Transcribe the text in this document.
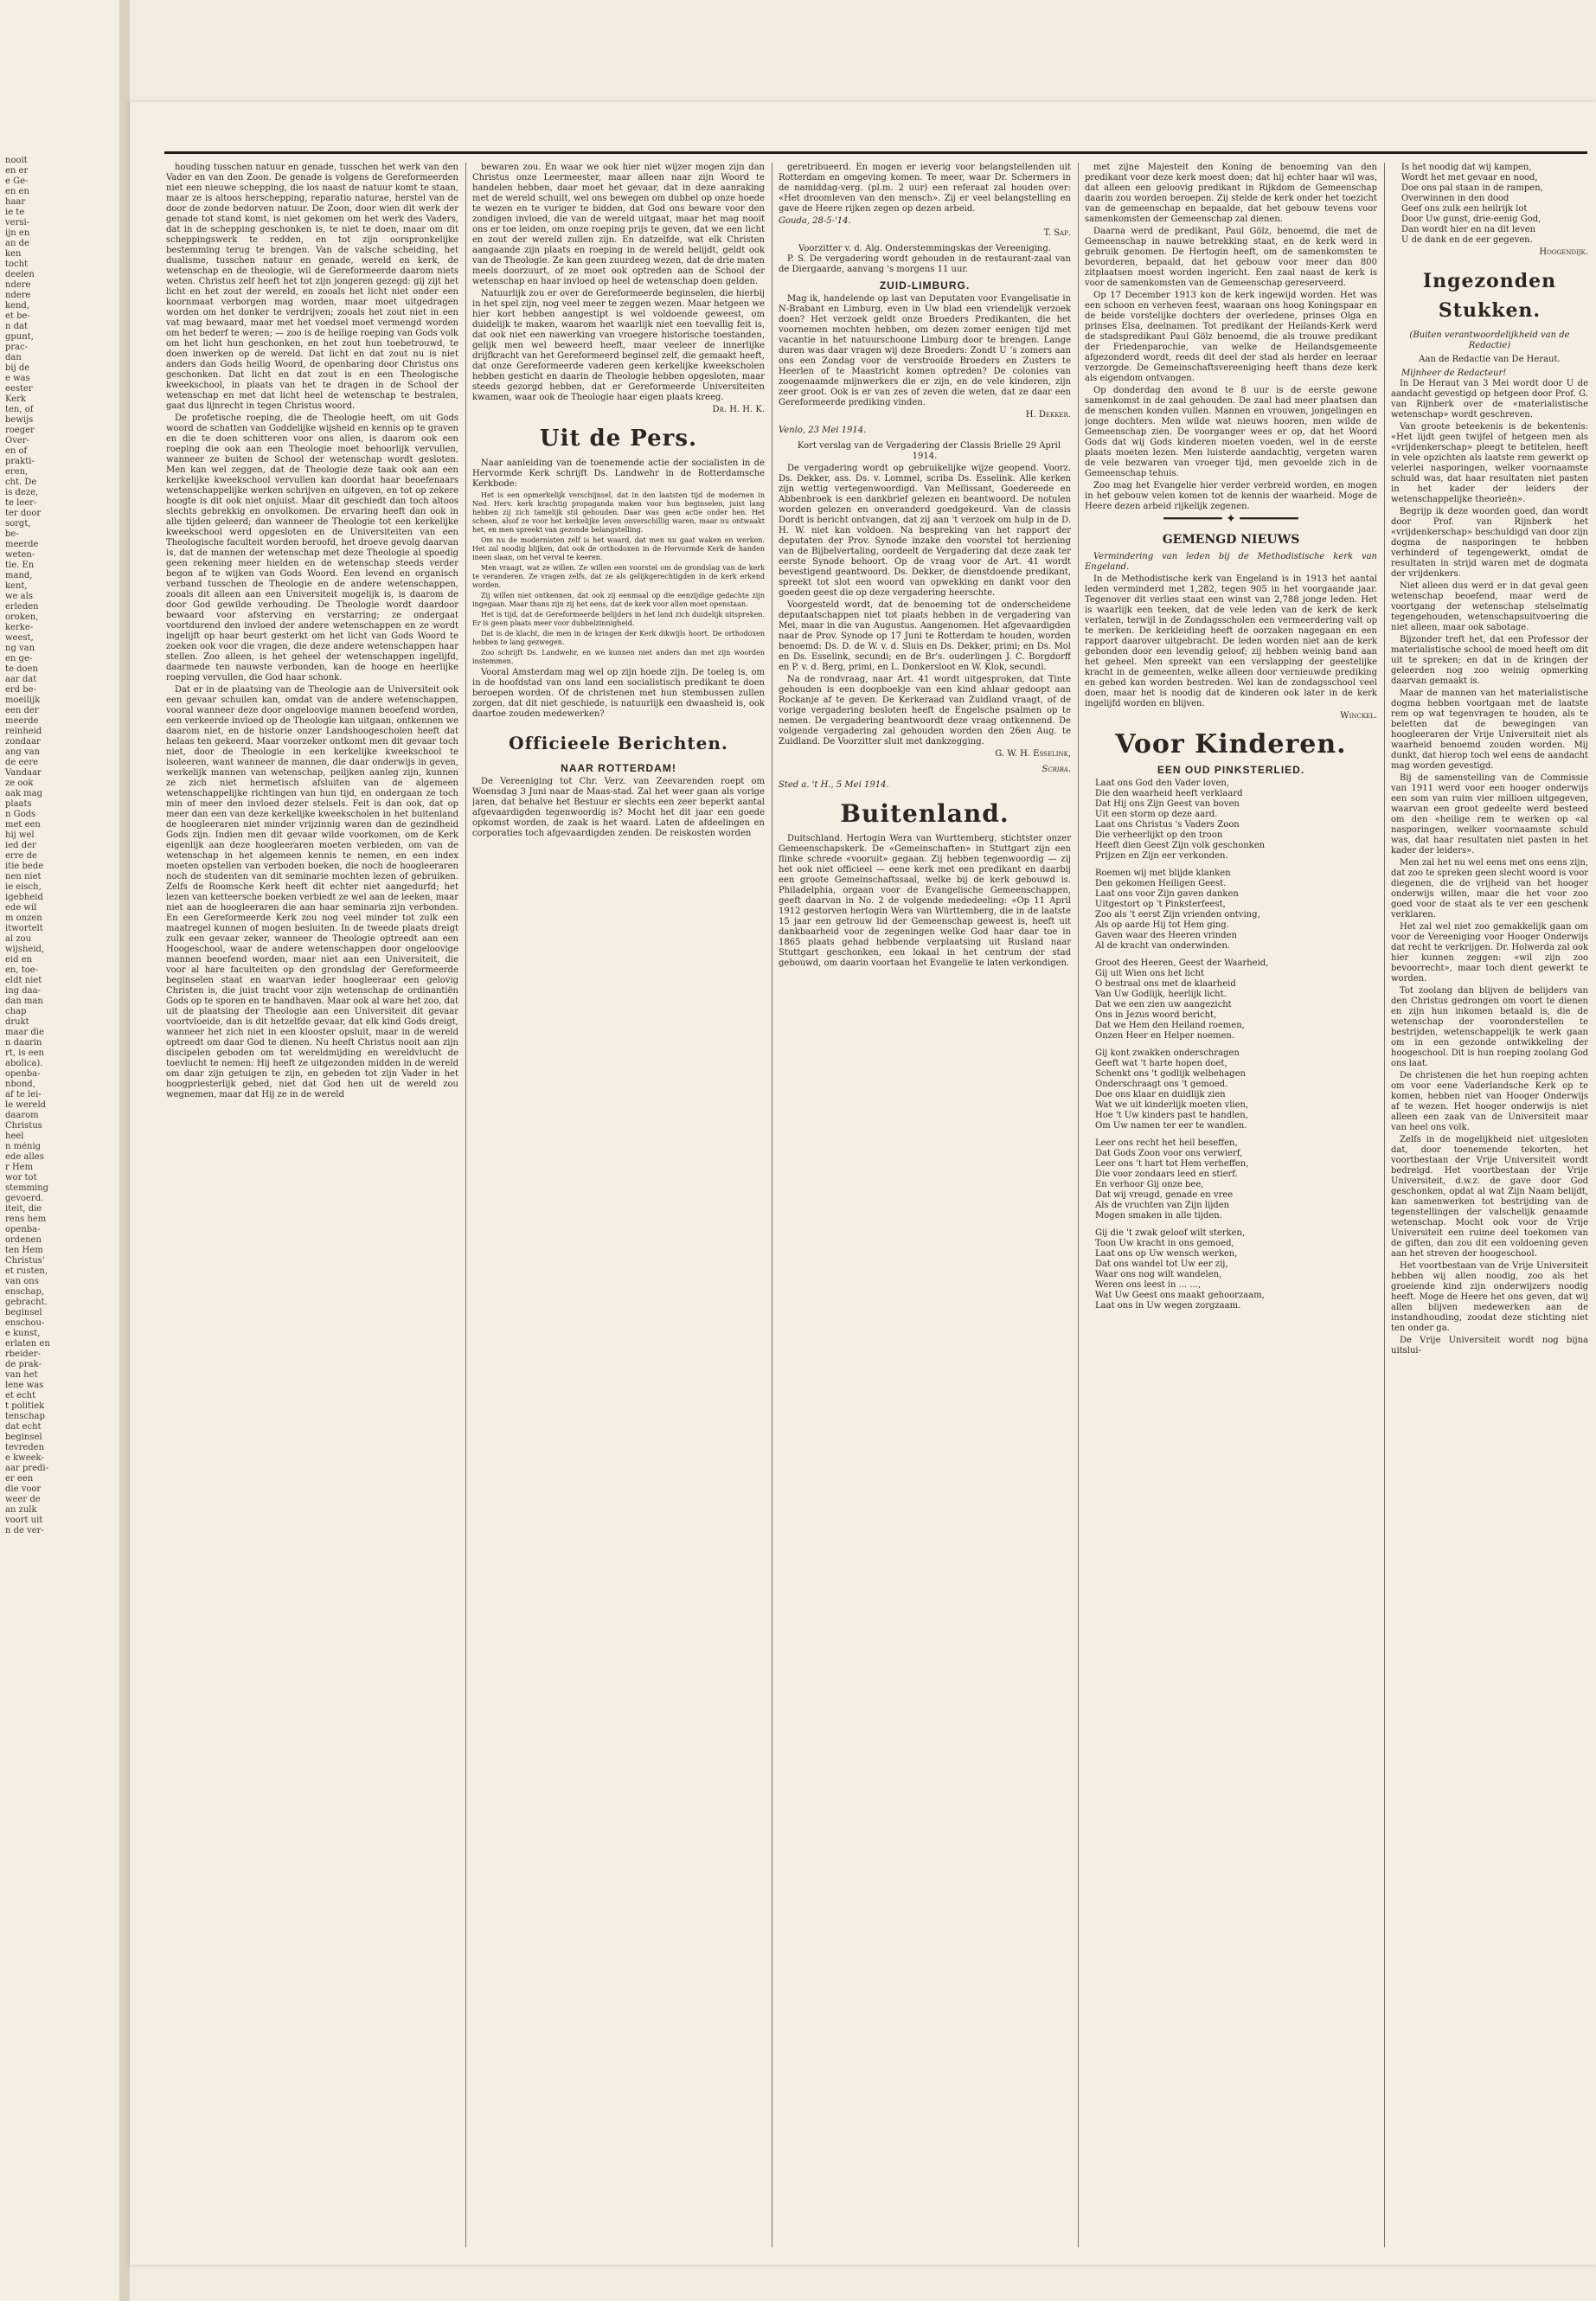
nooit
en er
e Ge-
en en
haar
ie te
versi-
ijn en
an de
ken
tocht
deelen
ndere
ndere
kend,
et be-
n dat
gpunt,
prac-
dan
bij de
e was
eester
Kerk
ten, of
bewijs
roeger
Over-
en of
prakti-
eren,
cht. De
is deze,
te leer-
ter door
sorgt,
be-
meerde
weten-
tie. En
mand,
kent,
we als
erleden
oroken,
kerke-
weest,
ng van
en ge-
te doen
aar dat
erd be-
moeilijk
een der
meerde
reinheid
zondaar
ang van
de eere
Vandaar
ze ook
aak mag
plaats
n Gods
met een
hij wel
ied der
erre de
itie bede
nen niet
ie eisch,
igebheid
ede wil
m onzen
itwortelt
al zou
wijsheid,
eid en
en, toe-
eldt niet
ing daa-
dan man
chap
drukt
maar die
n daarin
rt, is een
abolica).
openba-
nbond,
af te lei-
le wereld
daarom
Christus
heel
n ménig
ede alles
r Hem
wor tot
stemming
gevoerd.
iteit, die
rens hem
openba-
ordenen
ten Hem
Christus'
et rusten,
van ons
enschap,
gebracht.
beginsel
enschou-
e kunst,
erlaten en
rbeider-
de prak-
van het
lene was
et echt
t politiek
tenschap
dat echt
beginsel
tevreden
e kweek-
aar predi-
er een
die voor
weer de
an zulk
voort uit
n de ver-

houding tusschen natuur en genade, tusschen het werk van den Vader en van den Zoon. De genade is volgens de Gereformeerden niet een nieuwe schepping, die los naast de natuur komt te staan, maar ze is altoos herschepping, reparatio naturae, herstel van de door de zonde bedorven natuur. De Zoon, door wien dit werk der genade tot stand komt, is niet gekomen om het werk des Vaders, dat in de schepping geschonken is, te niet te doen, maar om dit scheppingswerk te redden, en tot zijn oorspronkelijke bestemming terug te brengen. Van de valsche scheiding, het dualisme, tusschen natuur en genade, wereld en kerk, de wetenschap en de theologie, wil de Gereformeerde daarom niets weten. Christus zelf heeft het tot zijn jongeren gezegd: gij zijt het licht en het zout der wereld, en zooals het licht niet onder een koornmaat verborgen mag worden, maar moet uitgedragen worden om het donker te verdrijven; zooals het zout niet in een vat mag bewaard, maar met het voedsel moet vermengd worden om het bederf te weren; — zoo is de heilige roeping van Gods volk om het licht hun geschonken, en het zout hun toebetrouwd, te doen inwerken op de wereld. Dat licht en dat zout nu is niet anders dan Gods heilig Woord, de openbaring door Christus ons geschonken. Dat licht en dat zout is en een Theologische kweekschool, in plaats van het te dragen in de School der wetenschap en met dat licht heel de wetenschap te bestralen, gaat dus lijnrecht in tegen Christus woord.

De profetische roeping, die de Theologie heeft, om uit Gods woord de schatten van Goddelijke wijsheid en kennis op te graven en die te doen schitteren voor ons allen, is daarom ook een roeping die ook aan een Theologie moet behoorlijk vervullen, wanneer ze buiten de School der wetenschap wordt gesloten. Men kan wel zeggen, dat de Theologie deze taak ook aan een kerkelijke kweekschool vervullen kan doordat haar beoefenaars wetenschappelijke werken schrijven en uitgeven, en tot op zekere hoogte is dit ook niet onjuist. Maar dit geschiedt dan toch altoos slechts gebrekkig en onvolkomen. De ervaring heeft dan ook in alle tijden geleerd; dan wanneer de Theologie tot een kerkelijke kweekschool werd opgesloten en de Universiteiten van een Theologische faculteit worden beroofd, het droeve gevolg daarvan is, dat de mannen der wetenschap met deze Theologie al spoedig geen rekening meer hielden en de wetenschap steeds verder begon af te wijken van Gods Woord. Een levend en organisch verband tusschen de Theologie en de andere wetenschappen, zooals dit alleen aan een Universiteit mogelijk is, is daarom de door God gewilde verhouding. De Theologie wordt daardoor bewaard voor afsterving en verstarring; ze ondergaat voortdurend den invloed der andere wetenschappen en ze wordt ingelijft op haar beurt gesterkt om het licht van Gods Woord te zoeken ook voor die vragen, die deze andere wetenschappen haar stellen. Zoo alleen, is het geheel der wetenschappen ingelijfd, daarmede ten nauwste verbonden, kan de hooge en heerlijke roeping vervullen, die God haar schonk.

Dat er in de plaatsing van de Theologie aan de Universiteit ook een gevaar schuilen kan, omdat van de andere wetenschappen, vooral wanneer deze door ongeloovige mannen beoefend worden, een verkeerde invloed op de Theologie kan uitgaan, ontkennen we daarom niet, en de historie onzer Landshoogescholen heeft dat helaas ten gekeerd. Maar voorzeker ontkomt men dit gevaar toch niet, door de Theologie in een kerkelijke kweekschool te isoleeren, want wanneer de mannen, die daar onderwijs in geven, werkelijk mannen van wetenschap, peiljken aanleg zijn, kunnen ze zich niet hermetisch afsluiten van de algemeen wetenschappelijke richtingen van hun tijd, en ondergaan ze toch min of meer den invloed dezer stelsels. Feit is dan ook, dat op meer dan een van deze kerkelijke kweekscholen in het buitenland de hoogleeraren niet minder vrijzinnig waren dan de gezindheid Gods zijn. Indien men dit gevaar wilde voorkomen, om de Kerk eigenlijk aan deze hoogleeraren moeten verbieden, om van de wetenschap in het algemeen kennis te nemen, en een index moeten opstellen van verboden boeken, die noch de hoogleeraren noch de studenten van dit seminarie mochten lezen of gebruiken. Zelfs de Roomsche Kerk heeft dit echter niet aangedurfd; het lezen van ketteersche boeken verbiedt ze wel aan de leeken, maar niet aan de hoogleeraren die aan haar seminaria zijn verbonden. En een Gereformeerde Kerk zou nog veel minder tot zulk een maatregel kunnen of mogen besluiten. In de tweede plaats dreigt zulk een gevaar zeker, wanneer de Theologie optreedt aan een Hoogeschool, waar de andere wetenschappen door ongeloovige mannen beoefend worden, maar niet aan een Universiteit, die voor al hare faculteiten op den grondslag der Gereformeerde beginselen staat en waarvan ieder hoogleeraar een gelovig Christen is, die juist tracht voor zijn wetenschap de ordinantiën Gods op te sporen en te handhaven. Maar ook al ware het zoo, dat uit de plaatsing der Theologie aan een Universiteit dit gevaar voortvloeide, dan is dit hetzelfde gevaar, dat elk kind Gods dreigt, wanneer het zich niet in een klooster opsluit, maar in de wereld optreedt om daar God te dienen. Nu heeft Christus nooit aan zijn discipelen geboden om tot wereldmijding en wereldvlucht de toevlucht te nemen: Hij heeft ze uitgezonden midden in de wereld om daar zijn getuigen te zijn, en gebeden tot zijn Vader in het hoogpriesterlijk gebed, niet dat God hen uit de wereld zou wegnemen, maar dat Hij ze in de wereld

bewaren zou. En waar we ook hier niet wijzer mogen zijn dan Christus onze Leermeester, maar alleen naar zijn Woord te handelen hebben, daar moet het gevaar, dat in deze aanraking met de wereld schuilt, wel ons bewegen om dubbel op onze hoede te wezen en te vuriger te bidden, dat God ons beware voor den zondigen invloed, die van de wereld uitgaat, maar het mag nooit ons er toe leiden, om onze roeping prijs te geven, dat we een licht en zout der wereld zullen zijn. En datzelfde, wat elk Christen aangaande zijn plaats en roeping in de wereld belijdt, geldt ook van de Theologie. Ze kan geen zuurdeeg wezen, dat de drie maten meels doorzuurt, of ze moet ook optreden aan de School der wetenschap en haar invloed op heel de wetenschap doen gelden.

Natuurlijk zou er over de Gereformeerde beginselen, die hierbij in het spel zijn, nog veel meer te zeggen wezen. Maar hetgeen we hier kort hebben aangestipt is wel voldoende geweest, om duidelijk te maken, waarom het waarlijk niet een toevallig feit is, dat ook niet een nawerking van vroegere historische toestanden, gelijk men wel beweerd heeft, maar veeleer de innerlijke drijfkracht van het Gereformeerd beginsel zelf, die gemaakt heeft, dat onze Gereformeerde vaderen geen kerkelijke kweekscholen hebben gesticht en daarin de Theologie hebben opgesloten, maar steeds gezorgd hebben, dat er Gereformeerde Universiteiten kwamen, waar ook de Theologie haar eigen plaats kreeg.

Dr. H. H. K.
Uit de Pers.

Naar aanleiding van de toenemende actie der socialisten in de Hervormde Kerk schrijft Ds. Landwehr in de Rotterdamsche Kerkbode:

Het is een opmerkelijk verschijnsel, dat in den laatsten tijd de modernen in Ned. Herv. kerk krachtig propaganda maken voor hun beginselen, juist lang hebben zij zich tamelijk stil gehouden. Daar was geen actie onder hen. Het scheen, alsof ze voor het kerkelijke leven onverschillig waren, maar nu ontwaakt het, en men spreekt van gezonde belangstelling.

Om nu de modernisten zelf is het waard, dat men nu gaat waken en werken. Het zal noodig blijken, dat ook de orthodoxen in de Hervormde Kerk de handen ineen slaan, om het verval te keeren.

Men vraagt, wat ze willen. Ze willen een voorstel om de grondslag van de kerk te veranderen. Ze vragen zelfs, dat ze als gelijkgerechtigden in de kerk erkend worden.

Zij willen niet ontkennen, dat ook zij eenmaal op die eenzijdige gedachte zijn ingegaan. Maar thans zijn zij het eens, dat de kerk voor allen moet openstaan.

Het is tijd, dat de Gereformeerde belijders in het land zich duidelijk uitspreken. Er is geen plaats meer voor dubbelzinnigheid.

Dat is de klacht, die men in de kringen der Kerk dikwijls hoort. De orthodoxen hebben te lang gezwegen.

Zoo schrijft Ds. Landwehr, en we kunnen niet anders dan met zijn woorden instemmen.

Vooral Amsterdam mag wel op zijn hoede zijn. De toeleg is, om in de hoofdstad van ons land een socialistisch predikant te doen beroepen worden. Of de christenen met hun stembussen zullen zorgen, dat dit niet geschiede, is natuurlijk een dwaasheid is, ook daartoe zouden medewerken?

Officieele Berichten.
NAAR ROTTERDAM!

De Vereeniging tot Chr. Verz. van Zeevarenden roept om Woensdag 3 Juni naar de Maas-stad. Zal het weer gaan als vorige jaren, dat behalve het Bestuur er slechts een zeer beperkt aantal afgevaardigden tegenwoordig is? Mocht het dit jaar een goede opkomst worden, de zaak is het waard. Laten de afdeelingen en corporaties toch afgevaardigden zenden. De reiskosten worden

geretribueerd. En mogen er ieverig voor belangstellenden uit Rotterdam en omgeving komen. Te meer, waar Dr. Schermers in de namiddag-verg. (pl.m. 2 uur) een referaat zal houden over: «Het droomleven van den mensch». Zij er veel belangstelling en gave de Heere rijken zegen op dezen arbeid.

Gouda, 28-5-'14.
T. Sap.
Voorzitter v. d. Alg. Onderstemmingskas der Vereeniging.

P. S. De vergadering wordt gehouden in de restaurant-zaal van de Diergaarde, aanvang 's morgens 11 uur.

ZUID-LIMBURG.

Mag ik, handelende op last van Deputaten voor Evangelisatie in N-Brabant en Limburg, even in Uw blad een vriendelijk verzoek doen? Het verzoek geldt onze Broeders Predikanten, die het voornemen mochten hebben, om dezen zomer eenigen tijd met vacantie in het natuurschoone Limburg door te brengen. Lange duren was daar vragen wij deze Broeders: Zondt U ’s zomers aan ons een Zondag voor de verstrooide Broeders en Zusters te Heerlen of te Maastricht komen optreden? De colonies van zoogenaamde mijnwerkers die er zijn, en de vele kinderen, zijn zeer groot. Ook is er van zes of zeven die weten, dat ze daar een Gereformeerde prediking vinden.

H. Dekker.
Venlo, 23 Mei 1914.

Kort verslag van de Vergadering der Classis Brielle 29 April 1914.

De vergadering wordt op gebruikelijke wijze geopend. Voorz. Ds. Dekker, ass. Ds. v. Lommel, scriba Ds. Esselink. Alle kerken zijn wettig vertegenwoordigd. Van Mellissant, Goedereede en Abbenbroek is een dankbrief gelezen en beantwoord. De notulen worden gelezen en onveranderd goedgekeurd. Van de classis Dordt is bericht ontvangen, dat zij aan 't verzoek om hulp in de D. H. W. niet kan voldoen. Na bespreking van het rapport der deputaten der Prov. Synode inzake den voorstel tot herziening van de Bijbelvertaling, oordeelt de Vergadering dat deze zaak ter eerste Synode behoort. Op de vraag voor de Art. 41 wordt bevestigend geantwoord. Ds. Dekker, de dienstdoende predikant, spreekt tot slot een woord van opwekking en dankt voor den goeden geest die op deze vergadering heerschte.

Voorgesteld wordt, dat de benoeming tot de onderscheidene deputaatschappen niet tot plaats hebben in de vergadering van Mei, maar in die van Augustus. Aangenomen. Het afgevaardigden naar de Prov. Synode op 17 Juni te Rotterdam te houden, worden benoemd: Ds. D. de W. v. d. Sluis en Ds. Dekker, primi; en Ds. Mol en Ds. Esselink, secundi; en de Br's. ouderlingen J. C. Borgdorff en P. v. d. Berg, primi, en L. Donkersloot en W. Klok, secundi.

Na de rondvraag, naar Art. 41 wordt uitgesproken, dat Tinte gehouden is een doopboekje van een kind ahlaar gedoopt aan Rockanje af te geven. De Kerkeraad van Zuidland vraagt, of de vorige vergadering besloten heeft de Engelsche psalmen op te nemen. De vergadering beantwoordt deze vraag ontkennend. De volgende vergadering zal gehouden worden den 26en Aug. te Zuidland. De Voorzitter sluit met dankzegging.

G. W. H. Esselink,
Scriba.
Sted a. 't H., 5 Mei 1914.
Buitenland.

Duitschland. Hertogin Wera van Wurttemberg, stichtster onzer Gemeenschapskerk. De «Gemeinschaften» in Stuttgart zijn een flinke schrede «vooruit» gegaan. Zij hebben tegenwoordig — zij het ook niet officieel — eene kerk met een predikant en daarbij een groote Gemeinschaftssaal, welke bij de kerk gebouwd is. Philadelphia, orgaan voor de Evangelische Gemeenschappen, geeft daarvan in No. 2 de volgende mededeeling: «Op 11 April 1912 gestorven hertogin Wera van Württemberg, die in de laatste 15 jaar een getrouw lid der Gemeenschap geweest is, heeft uit dankbaarheid voor de zegeningen welke God haar daar toe in 1865 plaats gehad hebbende verplaatsing uit Rusland naar Stuttgart geschonken, een lokaal in het centrum der stad gebouwd, om daarin voortaan het Evangelie te laten verkondigen.

met zijne Majesteit den Koning de benoeming van den predikant voor deze kerk moest doen; dat hij echter haar wil was, dat alleen een geloovig predikant in Rijkdom de Gemeenschap daarin zou worden beroepen. Zij stelde de kerk onder het toezicht van de gemeenschap en bepaalde, dat het gebouw tevens voor samenkomsten der Gemeenschap zal dienen.

Daarna werd de predikant, Paul Gölz, benoemd, die met de Gemeenschap in nauwe betrekking staat, en de kerk werd in gebruik genomen. De Hertogin heeft, om de samenkomsten te bevorderen, bepaald, dat het gebouw voor meer dan 800 zitplaatsen moest worden ingericht. Een zaal naast de kerk is voor de samenkomsten van de Gemeenschap gereserveerd.

Op 17 December 1913 kon de kerk ingewijd worden. Het was een schoon en verheven feest, waaraan ons hoog Koningspaar en de beide vorstelijke dochters der overledene, prinses Olga en prinses Elsa, deelnamen. Tot predikant der Heilands-Kerk werd de stadspredikant Paul Gölz benoemd, die als trouwe predikant der Friedenparochie, van welke de Heilandsgemeente afgezonderd wordt, reeds dit deel der stad als herder en leeraar verzorgde. De Gemeinschaftsvereeniging heeft thans deze kerk als eigendom ontvangen.

Op donderdag den avond te 8 uur is de eerste gewone samenkomst in de zaal gehouden. De zaal had meer plaatsen dan de menschen konden vullen. Mannen en vrouwen, jongelingen en jonge dochters. Men wilde wat nieuws hooren, men wilde de Gemeenschap zien. De voorganger wees er op, dat het Woord Gods dat wij Gods kinderen moeten voeden, wel in de eerste plaats moeten lezen. Men luisterde aandachtig, vergeten waren de vele bezwaren van vroeger tijd, men gevoelde zich in de Gemeenschap tehuis.

Zoo mag het Evangelie hier verder verbreid worden, en mogen in het gebouw velen komen tot de kennis der waarheid. Moge de Heere dezen arbeid rijkelijk zegenen.

━━━━━━━━ ✦ ━━━━━━━━
GEMENGD NIEUWS

Vermindering van leden bij de Methodistische kerk van Engeland.

In de Methodistische kerk van Engeland is in 1913 het aantal leden verminderd met 1,282, tegen 905 in het voorgaande jaar. Tegenover dit verlies staat een winst van 2,788 jonge leden. Het is waarlijk een teeken, dat de vele leden van de kerk de kerk verlaten, terwijl in de Zondagsscholen een vermeerdering valt op te merken. De kerkleiding heeft de oorzaken nagegaan en een rapport daarover uitgebracht. De leden worden niet aan de kerk gebonden door een levendig geloof; zij hebben weinig band aan het geheel. Men spreekt van een verslapping der geestelijke kracht in de gemeenten, welke alleen door vernieuwde prediking en gebed kan worden bestreden. Wel kan de zondagsschool veel doen, maar het is noodig dat de kinderen ook later in de kerk ingelijfd worden en blijven.

Winckel.
Voor Kinderen.
EEN OUD PINKSTERLIED.
Laat ons God den Vader loven,
Die den waarheid heeft verklaard
Dat Hij ons Zijn Geest van boven
Uit een storm op deze aard.
Laat ons Christus 's Vaders Zoon
Die verheerlijkt op den troon
Heeft dien Geest Zijn volk geschonken
Prijzen en Zijn eer verkonden.
Roemen wij met blijde klanken
Den gekomen Heiligen Geest.
Laat ons voor Zijn gaven danken
Uitgestort op 't Pinksterfeest,
Zoo als 't eerst Zijn vrienden ontving,
Als op aarde Hij tot Hem ging.
Gaven waar des Heeren vrinden
Al de kracht van onderwinden.
Groot des Heeren, Geest der Waarheid,
Gij uit Wien ons het licht
O bestraal ons met de klaarheid
Van Uw Godlijk, heerlijk licht.
Dat we een zien uw aangezicht
Ons in Jezus woord bericht,
Dat we Hem den Heiland roemen,
Onzen Heer en Helper noemen.
Gij kont zwakken onderschragen
Geeft wat 't harte hopen doet,
Schenkt ons 't godlijk welbehagen
Onderschraagt ons 't gemoed.
Doe ons klaar en duidlijk zien
Wat we uit kinderlijk moeten vlien,
Hoe 't Uw kinders past te handlen,
Om Uw namen ter eer te wandlen.
Leer ons recht het heil beseffen,
Dat Gods Zoon voor ons verwierf,
Leer ons 't hart tot Hem verheffen,
Die voor zondaars leed en stierf.
En verhoor Gij onze bee,
Dat wij vreugd, genade en vree
Als de vruchten van Zijn lijden
Mogen smaken in alle tijden.
Gij die 't zwak geloof wilt sterken,
Toon Uw kracht in ons gemoed,
Laat ons op Uw wensch werken,
Dat ons wandel tot Uw eer zij,
Waar ons nog wilt wandelen,
Weren ons leest in ... ...,
Wat Uw Geest ons maakt gehoorzaam,
Laat ons in Uw wegen zorgzaam.
Is het noodig dat wij kampen,
Wordt het met gevaar en nood,
Doe ons pal staan in de rampen,
Overwinnen in den dood
Geef ons zulk een heilrijk lot
Door Uw gunst, drie-eenig God,
Dan wordt hier en na dit leven
U de dank en de eer gegeven.
Hoogendijk.
Ingezonden Stukken.
(Buiten verantwoordelijkheid van de Redactie)
Aan de Redactie van De Heraut.
Mijnheer de Redacteur!

In De Heraut van 3 Mei wordt door U de aandacht gevestigd op hetgeen door Prof. G. van Rijnberk over de «materialistische wetenschap» wordt geschreven.

Van groote beteekenis is de bekentenis: «Het lijdt geen twijfel of hetgeen men als «vrijdenkerschap» pleegt te betitelen, heeft in vele opzichten als laatste rem gewerkt op velerlei nasporingen, welker voornaamste schuld was, dat haar resultaten niet pasten in het kader der leiders der wetenschappelijke theorieën».

Begrijp ik deze woorden goed, dan wordt door Prof. van Rijnberk het «vrijdenkerschap» beschuldigd van door zijn dogma de nasporingen te hebben verhinderd of tegengewerkt, omdat de resultaten in strijd waren met de dogmata der vrijdenkers.

Niet alleen dus werd er in dat geval geen wetenschap beoefend, maar werd de voortgang der wetenschap stelselmatig tegengehouden, wetenschapsuitvoering die niet alleen, maar ook sabotage.

Bijzonder treft het, dat een Professor der materialistische school de moed heeft om dit uit te spreken; en dat in de kringen der geleerden nog zoo weinig opmerking daarvan gemaakt is.

Maar de mannen van het materialistische dogma hebben voortgaan met de laatste rem op wat tegenvragen te houden, als te beletten dat de bewegingen van hoogleeraren der Vrije Universiteit niet als waarheid benoemd zouden worden. Mij dunkt, dat hierop toch wel eens de aandacht mag worden gevestigd.

Bij de samenstelling van de Commissie van 1911 werd voor een hooger onderwijs een som van ruim vier millioen uitgegeven, waarvan een groot gedeelte werd besteed om den «heilige rem te werken op «al nasporingen, welker voornaamste schuld was, dat haar resultaten niet pasten in het kader der leiders».

Men zal het nu wel eens met ons eens zijn, dat zoo te spreken geen slecht woord is voor diegenen, die de vrijheid van het hooger onderwijs willen, maar die het voor zoo goed voor de staat als te ver een geschenk verklaren.

Het zal wel niet zoo gemakkelijk gaan om voor de Vereeniging voor Hooger Onderwijs dat recht te verkrijgen. Dr. Holwerda zal ook hier kunnen zeggen: «wil zijn zoo bevoorrecht», maar toch dient gewerkt te worden.

Tot zoolang dan blijven de belijders van den Christus gedrongen om voort te dienen en zijn hun inkomen betaald is, die de wetenschap der vooronderstellen te bestrijden, wetenschappelijk te werk gaan om in een gezonde ontwikkeling der hoogeschool. Dit is hun roeping zoolang God ons laat.

De christenen die het hun roeping achten om voor eene Vaderlandsche Kerk op te komen, hebben niet van Hooger Onderwijs af te wezen. Het hooger onderwijs is niet alleen een zaak van de Universiteit maar van heel ons volk.

Zelfs in de mogelijkheid niet uitgesloten dat, door toenemende tekorten, het voortbestaan der Vrije Universiteit wordt bedreigd. Het voortbestaan der Vrije Universiteit, d.w.z. de gave door God geschonken, opdat al wat Zijn Naam belijdt, kan samenwerken tot bestrijding van de tegenstellingen der valschelijk genaamde wetenschap. Mocht ook voor de Vrije Universiteit een ruime deel toekomen van de giften, dan zou dit een voldoening geven aan het streven der hoogeschool.

Het voortbestaan van de Vrije Universiteit hebben wij allen noodig, zoo als het groeiende kind zijn onderwijzers noodig heeft. Moge de Heere het ons geven, dat wij allen blijven medewerken aan de instandhouding, zoodat deze stichting niet ten onder ga.

De Vrije Universiteit wordt nog bijna uitslui-
